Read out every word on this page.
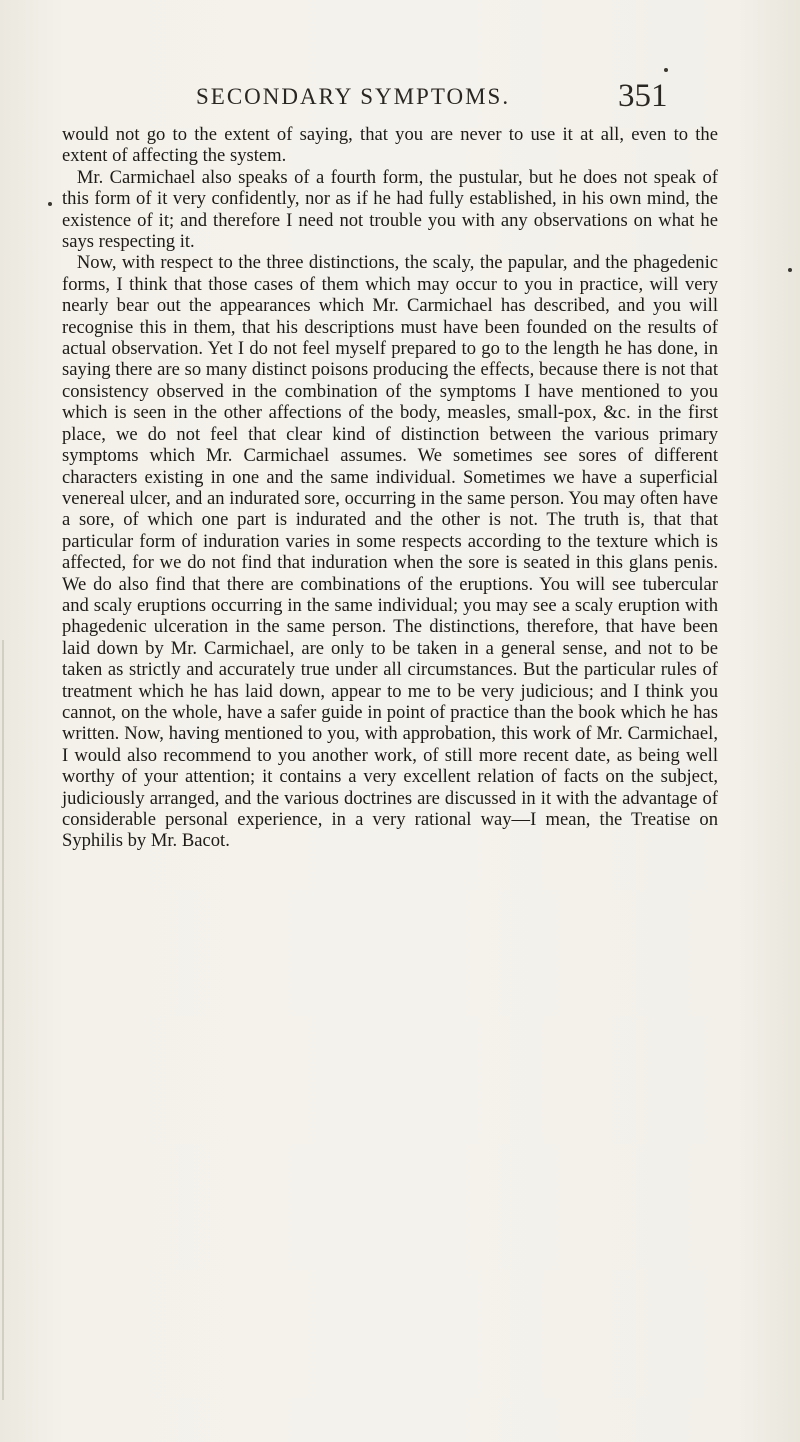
SECONDARY SYMPTOMS.	351

would not go to the extent of saying, that you are never to use it at all, even to the extent of affecting the system.

Mr. Carmichael also speaks of a fourth form, the pustular, but he does not speak of this form of it very confidently, nor as if he had fully established, in his own mind, the existence of it; and therefore I need not trouble you with any observations on what he says respecting it.

Now, with respect to the three distinctions, the scaly, the papular, and the phagedenic forms, I think that those cases of them which may occur to you in practice, will very nearly bear out the appearances which Mr. Carmichael has described, and you will recognise this in them, that his descriptions must have been founded on the results of actual observation. Yet I do not feel myself prepared to go to the length he has done, in saying there are so many distinct poisons producing the effects, because there is not that consistency observed in the combination of the symptoms I have mentioned to you which is seen in the other affections of the body, measles, small-pox, &c. in the first place, we do not feel that clear kind of distinction between the various primary symptoms which Mr. Carmichael assumes. We sometimes see sores of different characters existing in one and the same individual. Sometimes we have a superficial venereal ulcer, and an indurated sore, occurring in the same person. You may often have a sore, of which one part is indurated and the other is not. The truth is, that that particular form of induration varies in some respects according to the texture which is affected, for we do not find that induration when the sore is seated in this glans penis. We do also find that there are combinations of the eruptions. You will see tubercular and scaly eruptions occurring in the same individual; you may see a scaly eruption with phagedenic ulceration in the same person. The distinctions, therefore, that have been laid down by Mr. Carmichael, are only to be taken in a general sense, and not to be taken as strictly and accurately true under all circumstances. But the particular rules of treatment which he has laid down, appear to me to be very judicious; and I think you cannot, on the whole, have a safer guide in point of practice than the book which he has written. Now, having mentioned to you, with approbation, this work of Mr. Carmichael, I would also recommend to you another work, of still more recent date, as being well worthy of your attention; it contains a very excellent relation of facts on the subject, judiciously arranged, and the various doctrines are discussed in it with the advantage of considerable personal experience, in a very rational way—I mean, the Treatise on Syphilis by Mr. Bacot.
